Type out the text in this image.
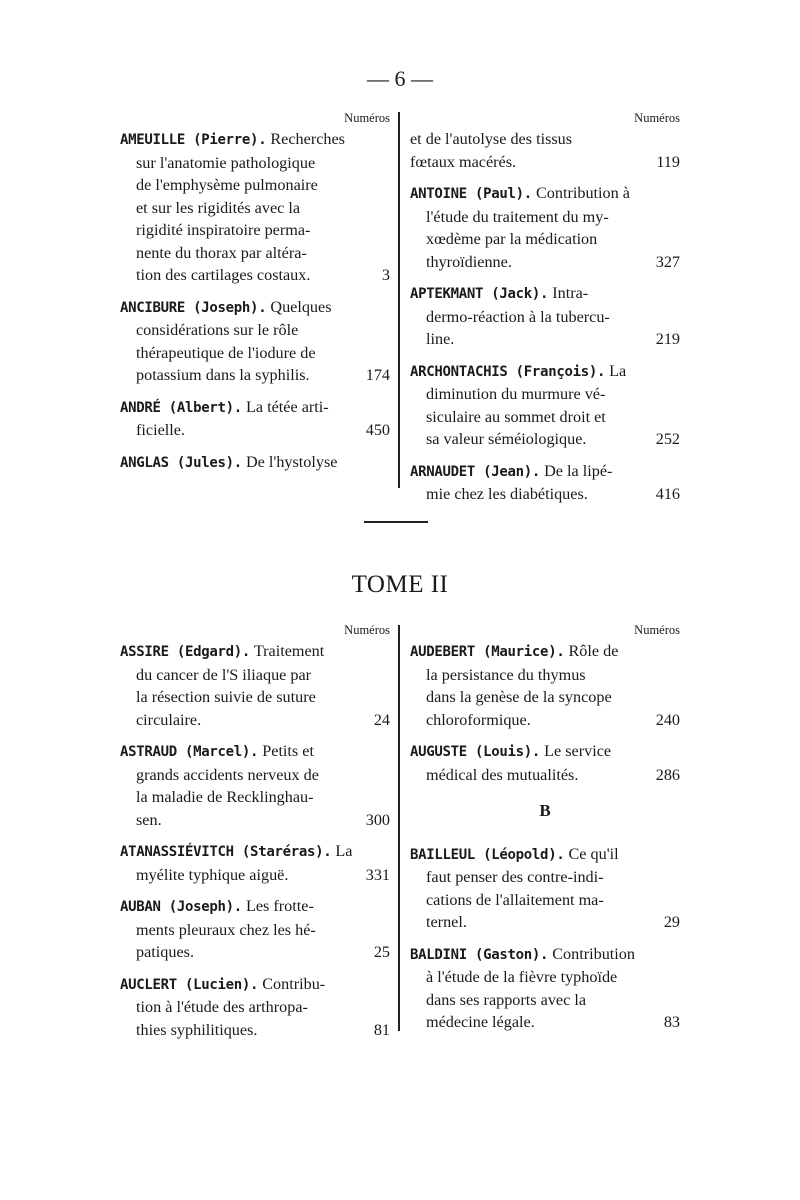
— 6 —
Numéros
AMEUILLE (Pierre). Recherches
sur l'anatomie pathologique
de l'emphysème pulmonaire
et sur les rigidités avec la
rigidité inspiratoire perma-
nente du thorax par altéra-
tion des cartilages costaux.	3
ANCIBURE (Joseph). Quelques
considérations sur le rôle
thérapeutique de l'iodure de
potassium dans la syphilis.	174
ANDRÉ (Albert). La tétée arti-
ficielle.	450
ANGLAS (Jules). De l'hystolyse
Numéros
et de l'autolyse des tissus
fœtaux macérés.	119
ANTOINE (Paul). Contribution à
l'étude du traitement du my-
xœdème par la médication
thyroïdienne.	327
APTEKMANT (Jack). Intra-
dermo-réaction à la tubercu-
line.	219
ARCHONTACHIS (François). La
diminution du murmure vé-
siculaire au sommet droit et
sa valeur séméiologique.	252
ARNAUDET (Jean). De la lipé-
mie chez les diabétiques.	416
TOME II
Numéros
ASSIRE (Edgard). Traitement
du cancer de l'S iliaque par
la résection suivie de suture
circulaire.	24
ASTRAUD (Marcel). Petits et
grands accidents nerveux de
la maladie de Recklinghau-
sen.	300
ATANASSIÉVITCH (Staréras). La
myélite typhique aiguë.	331
AUBAN (Joseph). Les frotte-
ments pleuraux chez les hé-
patiques.	25
AUCLERT (Lucien). Contribu-
tion à l'étude des arthropa-
thies syphilitiques.	81
Numéros
AUDEBERT (Maurice). Rôle de
la persistance du thymus
dans la genèse de la syncope
chloroformique.	240
AUGUSTE (Louis). Le service
médical des mutualités.	286
B
BAILLEUL (Léopold). Ce qu'il
faut penser des contre-indi-
cations de l'allaitement ma-
ternel.	29
BALDINI (Gaston). Contribution
à l'étude de la fièvre typhoïde
dans ses rapports avec la
médecine légale.	83
